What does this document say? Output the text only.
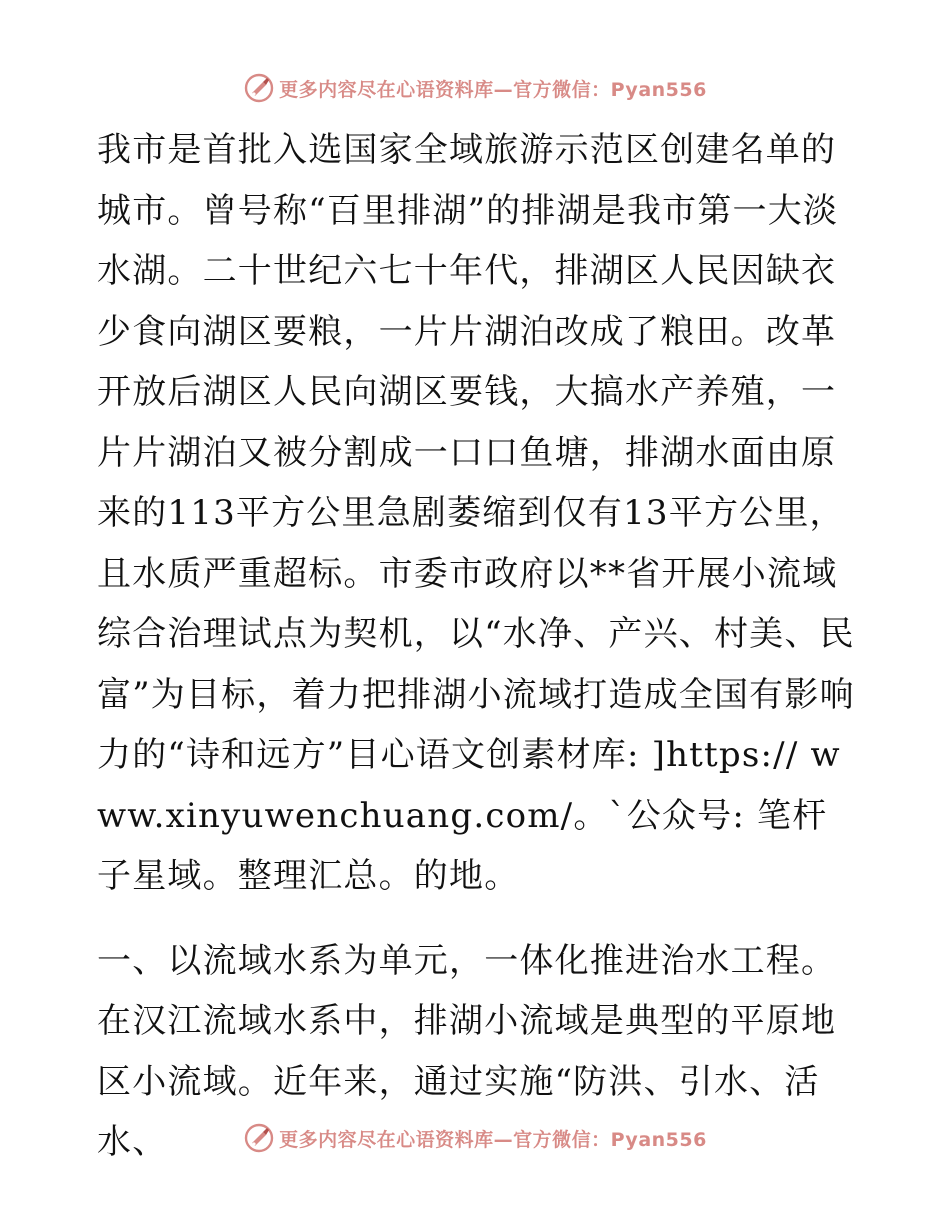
更多内容尽在心语资料库—官方微信：Pyan556

我市是首批入选国家全域旅游示范区创建名单的城市。曾号称“百里排湖”的排湖是我市第一大淡水湖。二十世纪六七十年代，排湖区人民因缺衣少食向湖区要粮，一片片湖泊改成了粮田。改革开放后湖区人民向湖区要钱，大搞水产养殖，一片片湖泊又被分割成一口口鱼塘，排湖水面由原来的113平方公里急剧萎缩到仅有13平方公里，且水质严重超标。市委市政府以**省开展小流域综合治理试点为契机，以“水净、产兴、村美、民富”为目标，着力把排湖小流域打造成全国有影响力的“诗和远方”目心语文创素材库: ]https:// www.xinyuwenchuang.com/。`公众号: 笔杆子星域。整理汇总。的地。

一、以流域水系为单元，一体化推进治水工程。在汉江流域水系中，排湖小流域是典型的平原地区小流域。近年来，通过实施“防洪、引水、活水、	更多内容尽在心语资料库—官方微信：Pyan556
